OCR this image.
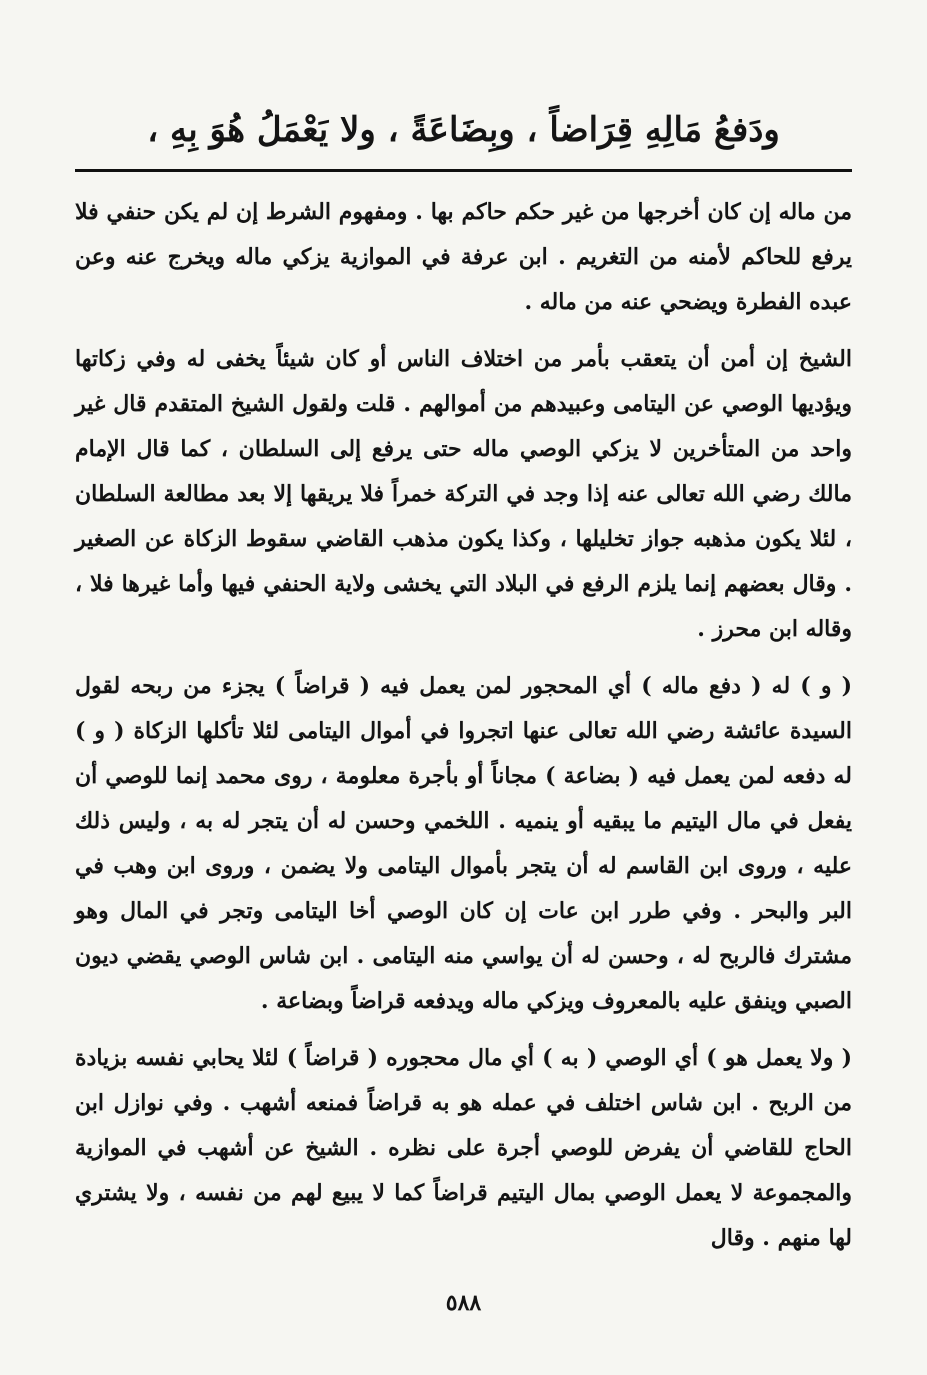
ودَفعُ مَالِهِ قِرَاضاً ، وبِضَاعَةً ، ولا يَعْمَلُ هُوَ بِهِ ،

من ماله إن كان أخرجها من غير حكم حاكم بها . ومفهوم الشرط إن لم يكن حنفي فلا يرفع للحاكم لأمنه من التغريم . ابن عرفة في الموازية يزكي ماله ويخرج عنه وعن عبده الفطرة ويضحي عنه من ماله .

الشيخ إن أمن أن يتعقب بأمر من اختلاف الناس أو كان شيئاً يخفى له وفي زكاتها ويؤديها الوصي عن اليتامى وعبيدهم من أموالهم . قلت ولقول الشيخ المتقدم قال غير واحد من المتأخرين لا يزكي الوصي ماله حتى يرفع إلى السلطان ، كما قال الإمام مالك رضي الله تعالى عنه إذا وجد في التركة خمراً فلا يريقها إلا بعد مطالعة السلطان ، لئلا يكون مذهبه جواز تخليلها ، وكذا يكون مذهب القاضي سقوط الزكاة عن الصغير . وقال بعضهم إنما يلزم الرفع في البلاد التي يخشى ولاية الحنفي فيها وأما غيرها فلا ، وقاله ابن محرز .

( و ) له ( دفع ماله ) أي المحجور لمن يعمل فيه ( قراضاً ) يجزء من ربحه لقول السيدة عائشة رضي الله تعالى عنها اتجروا في أموال اليتامى لئلا تأكلها الزكاة ( و ) له دفعه لمن يعمل فيه ( بضاعة ) مجاناً أو بأجرة معلومة ، روى محمد إنما للوصي أن يفعل في مال اليتيم ما يبقيه أو ينميه . اللخمي وحسن له أن يتجر له به ، وليس ذلك عليه ، وروى ابن القاسم له أن يتجر بأموال اليتامى ولا يضمن ، وروى ابن وهب في البر والبحر . وفي طرر ابن عات إن كان الوصي أخا اليتامى وتجر في المال وهو مشترك فالربح له ، وحسن له أن يواسي منه اليتامى . ابن شاس الوصي يقضي ديون الصبي وينفق عليه بالمعروف ويزكي ماله ويدفعه قراضاً وبضاعة .

( ولا يعمل هو ) أي الوصي ( به ) أي مال محجوره ( قراضاً ) لئلا يحابي نفسه بزيادة من الربح . ابن شاس اختلف في عمله هو به قراضاً فمنعه أشهب . وفي نوازل ابن الحاج للقاضي أن يفرض للوصي أجرة على نظره . الشيخ عن أشهب في الموازية والمجموعة لا يعمل الوصي بمال اليتيم قراضاً كما لا يبيع لهم من نفسه ، ولا يشتري لها منهم . وقال

٥٨٨
